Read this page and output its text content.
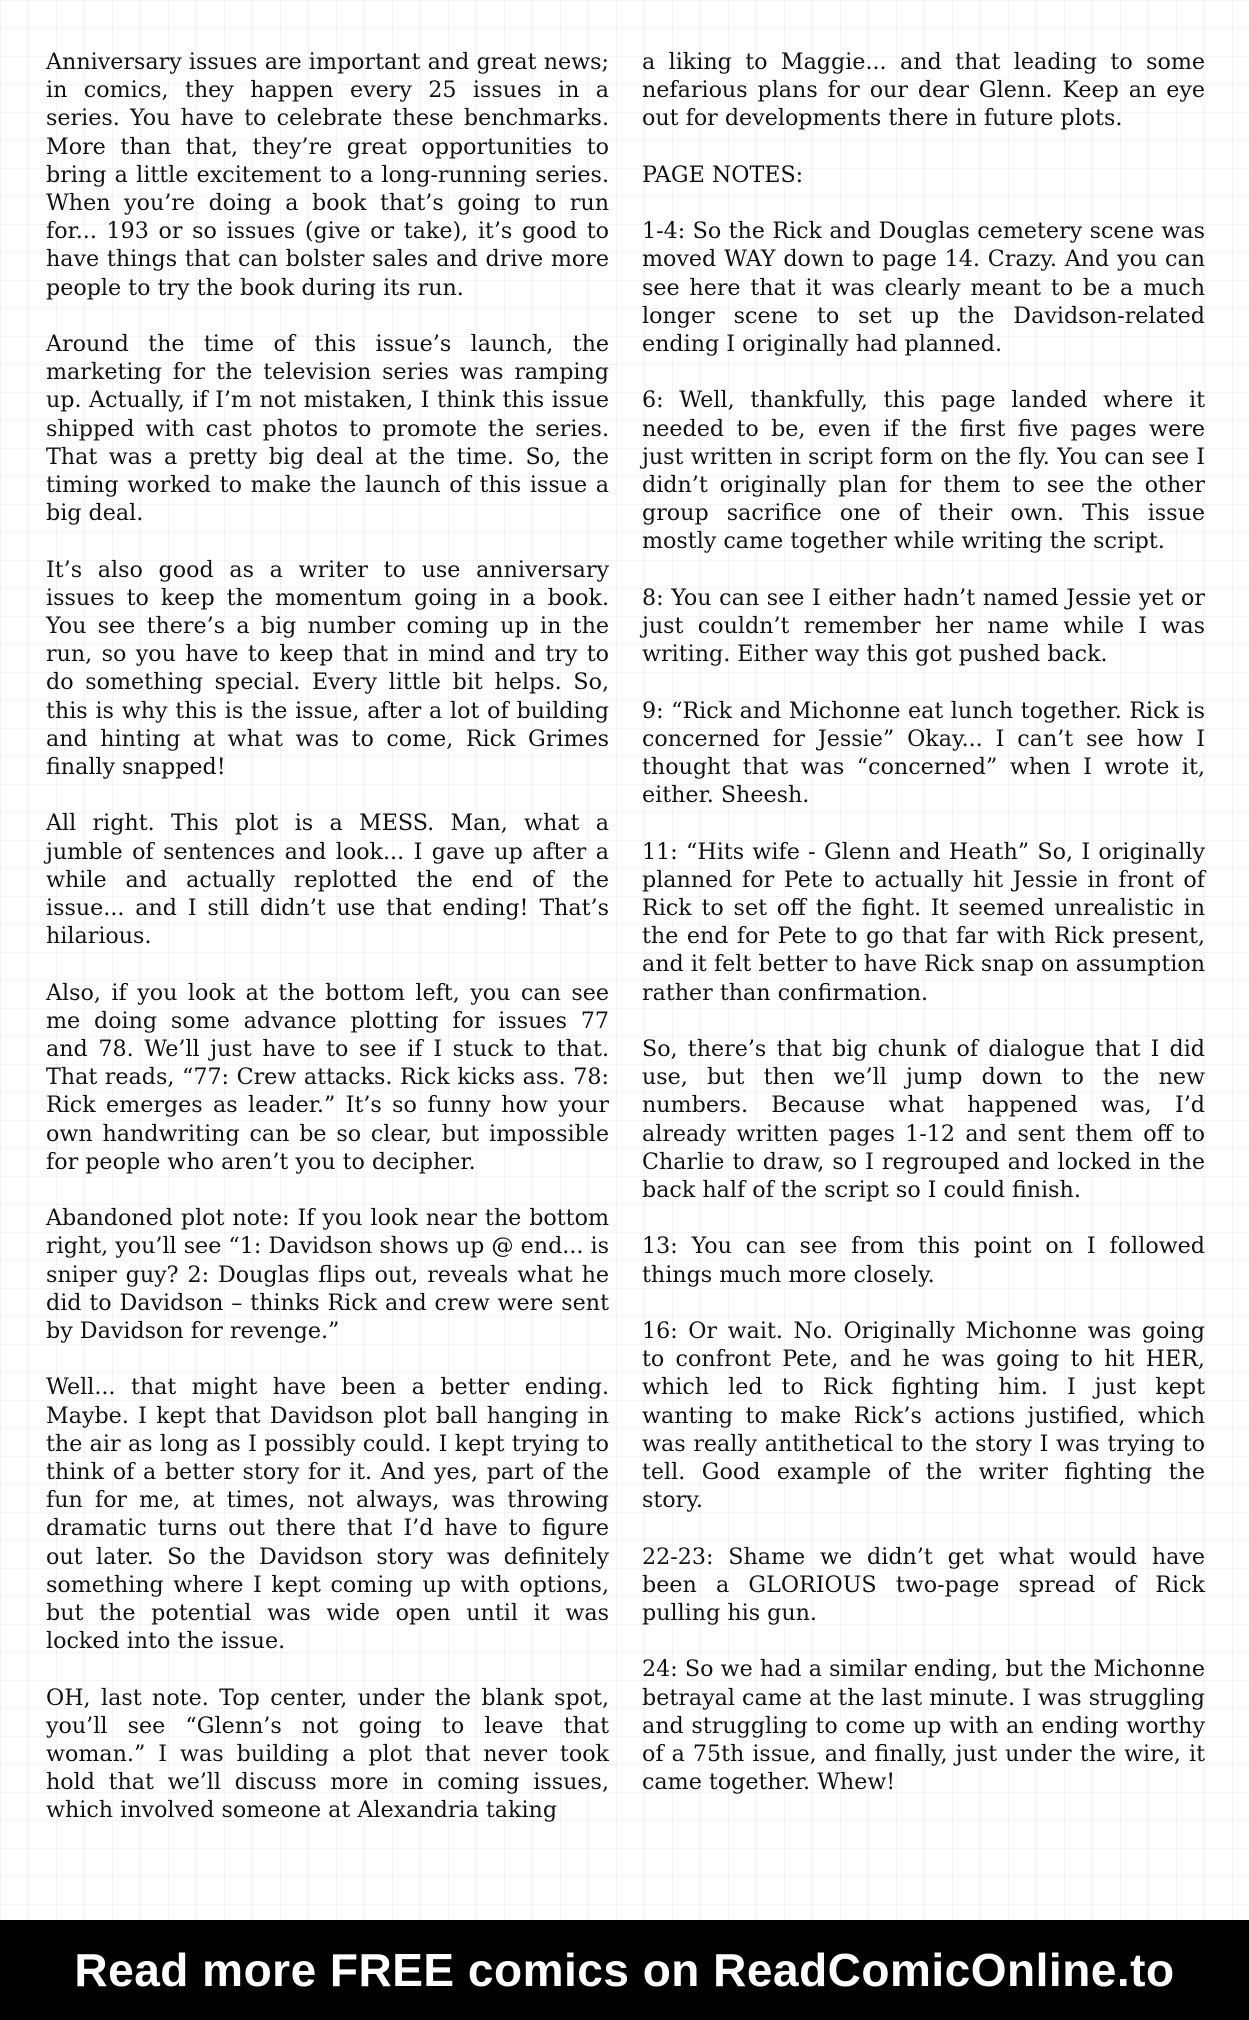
Anniversary issues are important and great news; in comics, they happen every 25 issues in a series. You have to celebrate these benchmarks. More than that, they’re great opportunities to bring a little excitement to a long-running series. When you’re doing a book that’s going to run for... 193 or so issues (give or take), it’s good to have things that can bolster sales and drive more people to try the book during its run.

Around the time of this issue’s launch, the marketing for the television series was ramping up. Actually, if I’m not mistaken, I think this issue shipped with cast photos to promote the series. That was a pretty big deal at the time. So, the timing worked to make the launch of this issue a big deal.

It’s also good as a writer to use anniversary issues to keep the momentum going in a book. You see there’s a big number coming up in the run, so you have to keep that in mind and try to do something special. Every little bit helps. So, this is why this is the issue, after a lot of building and hinting at what was to come, Rick Grimes finally snapped!

All right. This plot is a MESS. Man, what a jumble of sentences and look... I gave up after a while and actually replotted the end of the issue... and I still didn’t use that ending! That’s hilarious.

Also, if you look at the bottom left, you can see me doing some advance plotting for issues 77 and 78. We’ll just have to see if I stuck to that. That reads, “77: Crew attacks. Rick kicks ass. 78: Rick emerges as leader.” It’s so funny how your own handwriting can be so clear, but impossible for people who aren’t you to decipher.

Abandoned plot note: If you look near the bottom right, you’ll see “1: Davidson shows up @ end... is sniper guy? 2: Douglas flips out, reveals what he did to Davidson – thinks Rick and crew were sent by Davidson for revenge.”

Well... that might have been a better ending. Maybe. I kept that Davidson plot ball hanging in the air as long as I possibly could. I kept trying to think of a better story for it. And yes, part of the fun for me, at times, not always, was throwing dramatic turns out there that I’d have to figure out later. So the Davidson story was definitely something where I kept coming up with options, but the potential was wide open until it was locked into the issue.

OH, last note. Top center, under the blank spot, you’ll see “Glenn’s not going to leave that woman.” I was building a plot that never took hold that we’ll discuss more in coming issues, which involved someone at Alexandria taking

a liking to Maggie... and that leading to some nefarious plans for our dear Glenn. Keep an eye out for developments there in future plots.

PAGE NOTES:

1-4: So the Rick and Douglas cemetery scene was moved WAY down to page 14. Crazy. And you can see here that it was clearly meant to be a much longer scene to set up the Davidson-related ending I originally had planned.

6: Well, thankfully, this page landed where it needed to be, even if the first five pages were just written in script form on the fly. You can see I didn’t originally plan for them to see the other group sacrifice one of their own. This issue mostly came together while writing the script.

8: You can see I either hadn’t named Jessie yet or just couldn’t remember her name while I was writing. Either way this got pushed back.

9: “Rick and Michonne eat lunch together. Rick is concerned for Jessie” Okay... I can’t see how I thought that was “concerned” when I wrote it, either. Sheesh.

11: “Hits wife - Glenn and Heath” So, I originally planned for Pete to actually hit Jessie in front of Rick to set off the fight. It seemed unrealistic in the end for Pete to go that far with Rick present, and it felt better to have Rick snap on assumption rather than confirmation.

So, there’s that big chunk of dialogue that I did use, but then we’ll jump down to the new numbers. Because what happened was, I’d already written pages 1-12 and sent them off to Charlie to draw, so I regrouped and locked in the back half of the script so I could finish.

13: You can see from this point on I followed things much more closely.

16: Or wait. No. Originally Michonne was going to confront Pete, and he was going to hit HER, which led to Rick fighting him. I just kept wanting to make Rick’s actions justified, which was really antithetical to the story I was trying to tell. Good example of the writer fighting the story.

22-23: Shame we didn’t get what would have been a GLORIOUS two-page spread of Rick pulling his gun.

24: So we had a similar ending, but the Michonne betrayal came at the last minute. I was struggling and struggling to come up with an ending worthy of a 75th issue, and finally, just under the wire, it came together. Whew!

Read more FREE comics on ReadComicOnline.to
